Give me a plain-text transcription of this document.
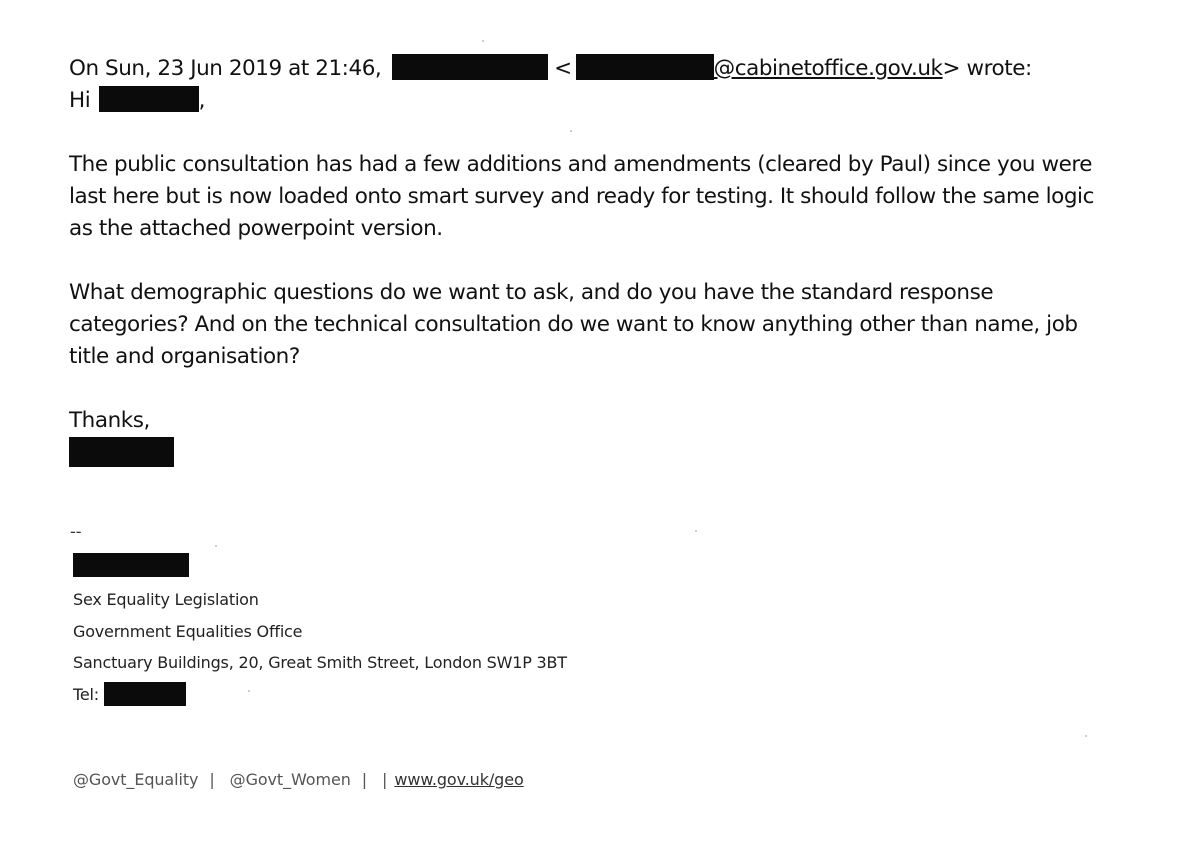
On Sun, 23 Jun 2019 at 21:46,	<	@cabinetoffice.gov.uk> wrote:
Hi	,
The public consultation has had a few additions and amendments (cleared by Paul) since you were
last here but is now loaded onto smart survey and ready for testing. It should follow the same logic
as the attached powerpoint version.
What demographic questions do we want to ask, and do you have the standard response
categories? And on the technical consultation do we want to know anything other than name, job
title and organisation?
Thanks,
--
Sex Equality Legislation
Government Equalities Office
Sanctuary Buildings, 20, Great Smith Street, London SW1P 3BT
Tel:
@Govt_Equality | @Govt_Women | | www.gov.uk/geo
